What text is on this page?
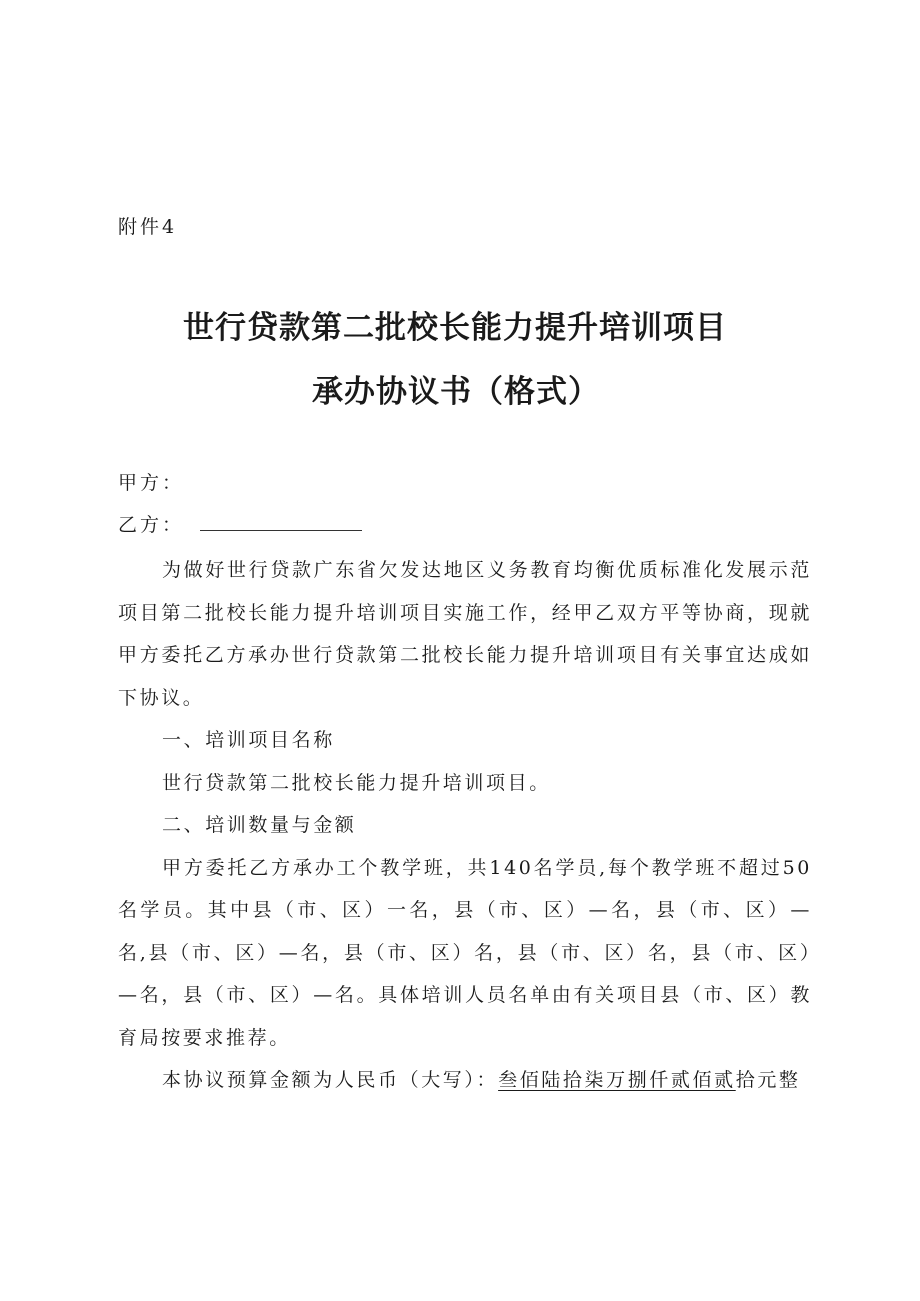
附件4
世行贷款第二批校长能力提升培训项目
承办协议书（格式）
甲方：
乙方：

为做好世行贷款广东省欠发达地区义务教育均衡优质标准化发展示范项目第二批校长能力提升培训项目实施工作，经甲乙双方平等协商，现就甲方委托乙方承办世行贷款第二批校长能力提升培训项目有关事宜达成如下协议。

一、培训项目名称

世行贷款第二批校长能力提升培训项目。

二、培训数量与金额

甲方委托乙方承办工个教学班，共140名学员,每个教学班不超过50名学员。其中县（市、区）一名，县（市、区）—名，县（市、区）—名,县（市、区）—名，县（市、区）名，县（市、区）名，县（市、区）—名，县（市、区）—名。具体培训人员名单由有关项目县（市、区）教育局按要求推荐。

本协议预算金额为人民币（大写）：叁佰陆拾柒万捌仟贰佰贰拾元整
